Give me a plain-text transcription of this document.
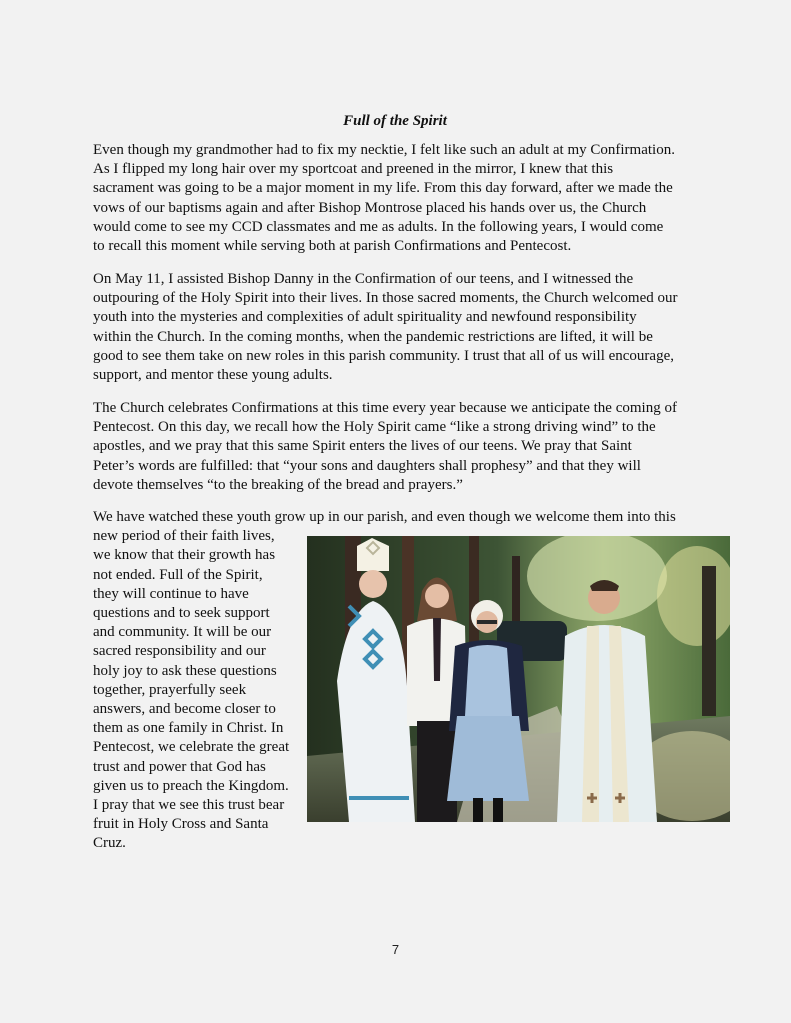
Full of the Spirit
Even though my grandmother had to fix my necktie, I felt like such an adult at my Confirmation.
As I flipped my long hair over my sportcoat and preened in the mirror, I knew that this
sacrament was going to be a major moment in my life. From this day forward, after we made the
vows of our baptisms again and after Bishop Montrose placed his hands over us, the Church
would come to see my CCD classmates and me as adults. In the following years, I would come
to recall this moment while serving both at parish Confirmations and Pentecost.
On May 11, I assisted Bishop Danny in the Confirmation of our teens, and I witnessed the
outpouring of the Holy Spirit into their lives. In those sacred moments, the Church welcomed our
youth into the mysteries and complexities of adult spirituality and newfound responsibility
within the Church. In the coming months, when the pandemic restrictions are lifted, it will be
good to see them take on new roles in this parish community. I trust that all of us will encourage,
support, and mentor these young adults.
The Church celebrates Confirmations at this time every year because we anticipate the coming of
Pentecost. On this day, we recall how the Holy Spirit came “like a strong driving wind” to the
apostles, and we pray that this same Spirit enters the lives of our teens. We pray that Saint
Peter’s words are fulfilled: that “your sons and daughters shall prophesy” and that they will
devote themselves “to the breaking of the bread and prayers.”
We have watched these youth grow up in our parish, and even though we welcome them into this
new period of their faith lives,
we know that their growth has
not ended. Full of the Spirit,
they will continue to have
questions and to seek support
and community. It will be our
sacred responsibility and our
holy joy to ask these questions
together, prayerfully seek
answers, and become closer to
them as one family in Christ. In
Pentecost, we celebrate the great
trust and power that God has
given us to preach the Kingdom.
I pray that we see this trust bear
fruit in Holy Cross and Santa
Cruz.
7
